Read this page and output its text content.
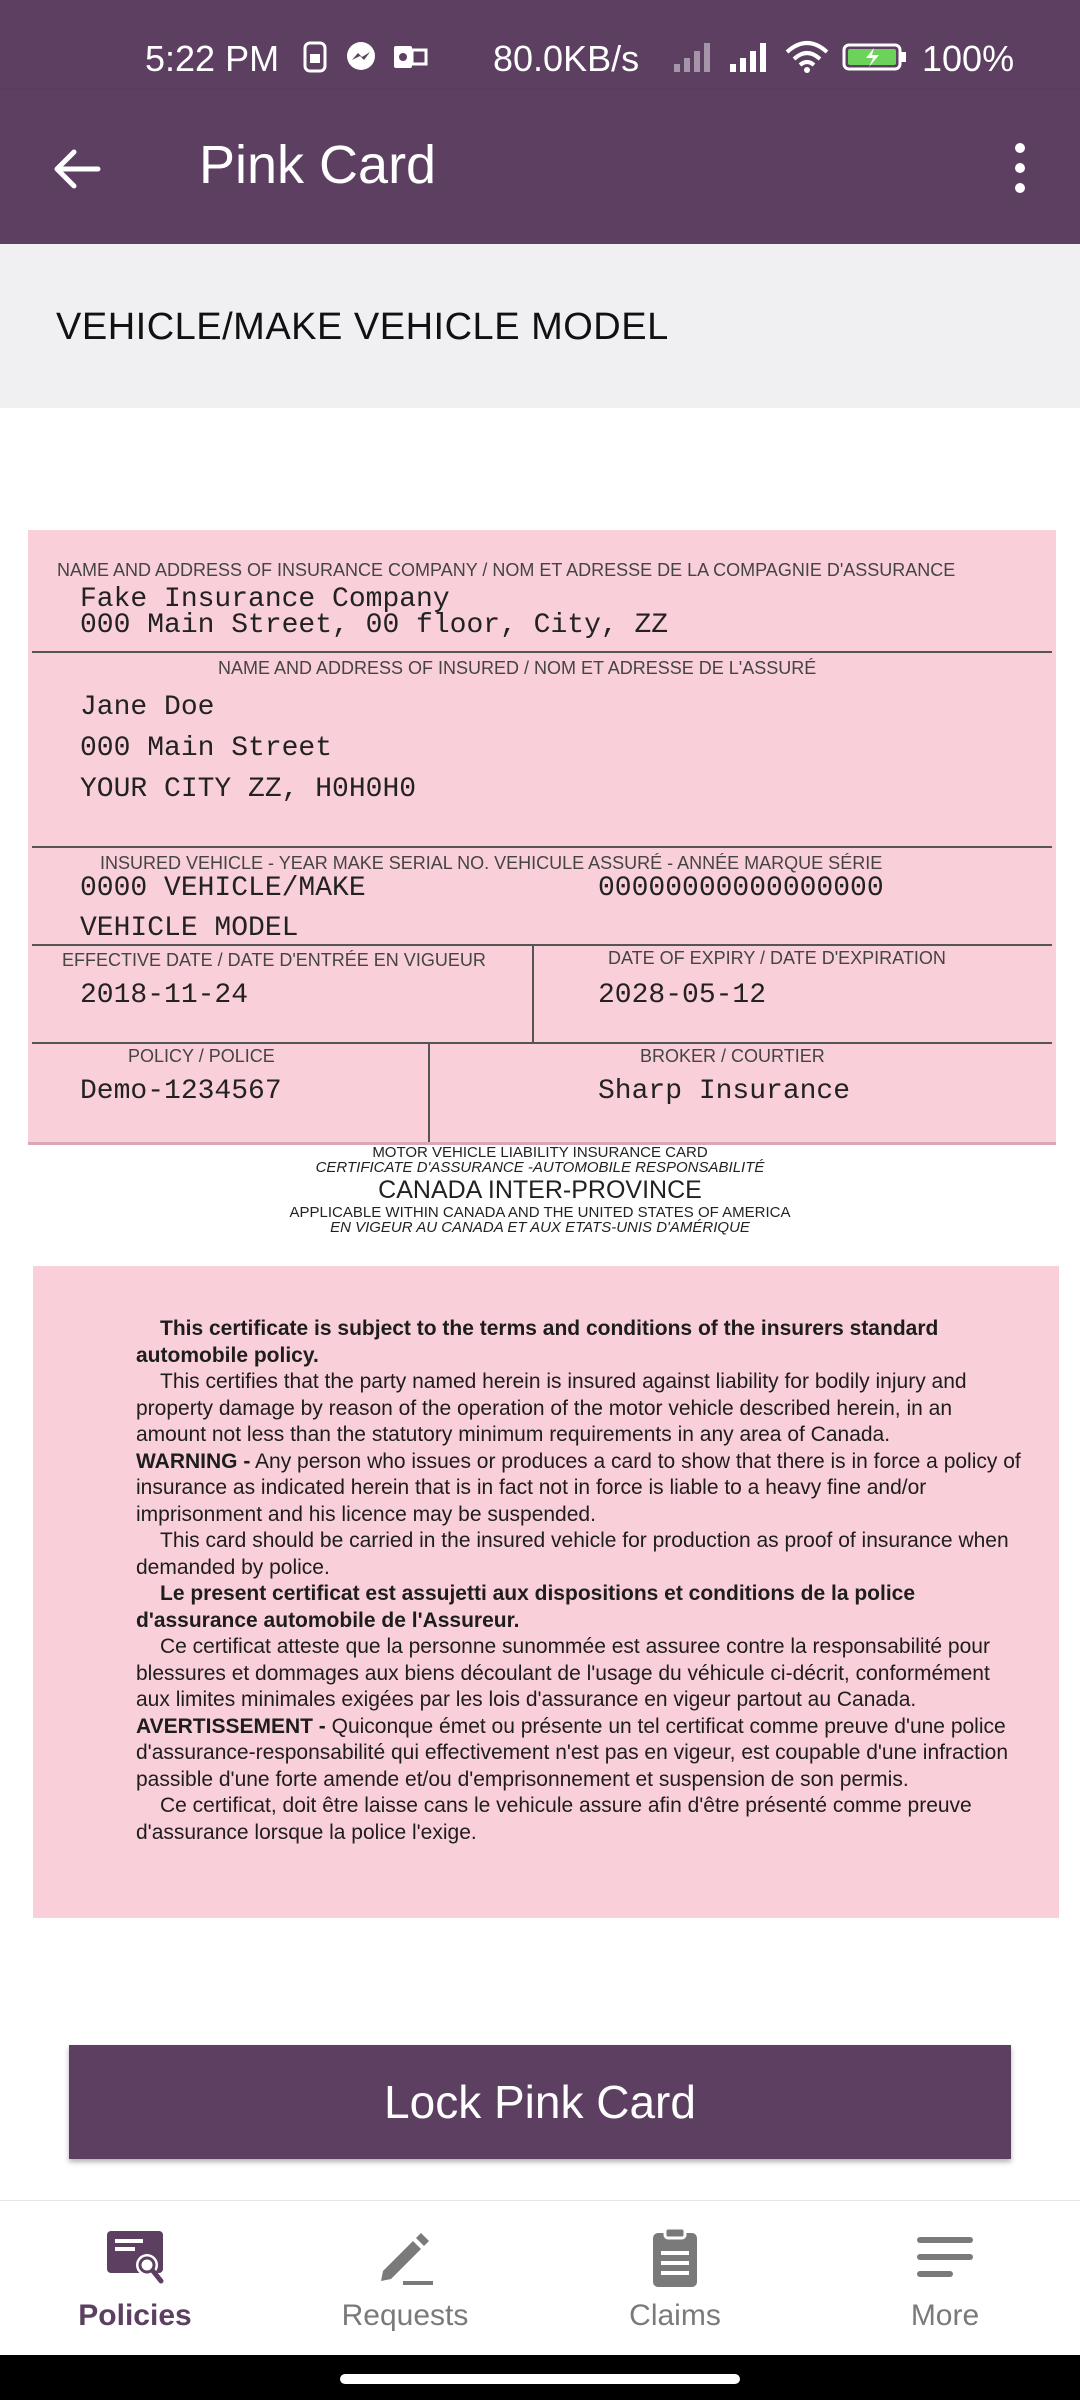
5:22 PM	80.0KB/s	100%
Pink Card
VEHICLE/MAKE VEHICLE MODEL
NAME AND ADDRESS OF INSURANCE COMPANY / NOM ET ADRESSE DE LA COMPAGNIE D'ASSURANCE
Fake Insurance Company
000 Main Street, 00 floor, City, ZZ
NAME AND ADDRESS OF INSURED / NOM ET ADRESSE DE L'ASSURÉ
Jane Doe
000 Main Street
YOUR CITY ZZ, H0H0H0
INSURED VEHICLE - YEAR MAKE SERIAL NO. VEHICULE ASSURÉ - ANNÉE MARQUE SÉRIE
0000 VEHICLE/MAKE
VEHICLE MODEL
00000000000000000
EFFECTIVE DATE / DATE D'ENTRÉE EN VIGUEUR
2018-11-24
DATE OF EXPIRY / DATE D'EXPIRATION
2028-05-12
POLICY / POLICE
Demo-1234567
BROKER / COURTIER
Sharp Insurance
MOTOR VEHICLE LIABILITY INSURANCE CARD
CERTIFICATE D'ASSURANCE -AUTOMOBILE RESPONSABILITÉ
CANADA INTER-PROVINCE
APPLICABLE WITHIN CANADA AND THE UNITED STATES OF AMERICA
EN VIGEUR AU CANADA ET AUX ETATS-UNIS D'AMÉRIQUE

This certificate is subject to the terms and conditions of the insurers standard automobile policy.

This certifies that the party named herein is insured against liability for bodily injury and property damage by reason of the operation of the motor vehicle described herein, in an amount not less than the statutory minimum requirements in any area of Canada.

WARNING - Any person who issues or produces a card to show that there is in force a policy of insurance as indicated herein that is in fact not in force is liable to a heavy fine and/or imprisonment and his licence may be suspended.

This card should be carried in the insured vehicle for production as proof of insurance when demanded by police.

Le present certificat est assujetti aux dispositions et conditions de la police d'assurance automobile de l'Assureur.

Ce certificat atteste que la personne sunommée est assuree contre la responsabilité pour blessures et dommages aux biens découlant de l'usage du véhicule ci-décrit, conformément aux limites minimales exigées par les lois d'assurance en vigeur partout au Canada.

AVERTISSEMENT - Quiconque émet ou présente un tel certificat comme preuve d'une police d'assurance-responsabilité qui effectivement n'est pas en vigeur, est coupable d'une infraction passible d'une forte amende et/ou d'emprisonnement et suspension de son permis.

Ce certificat, doit être laisse cans le vehicule assure afin d'être présenté comme preuve d'assurance lorsque la police l'exige.

Lock Pink Card
Policies	Requests	Claims	More
